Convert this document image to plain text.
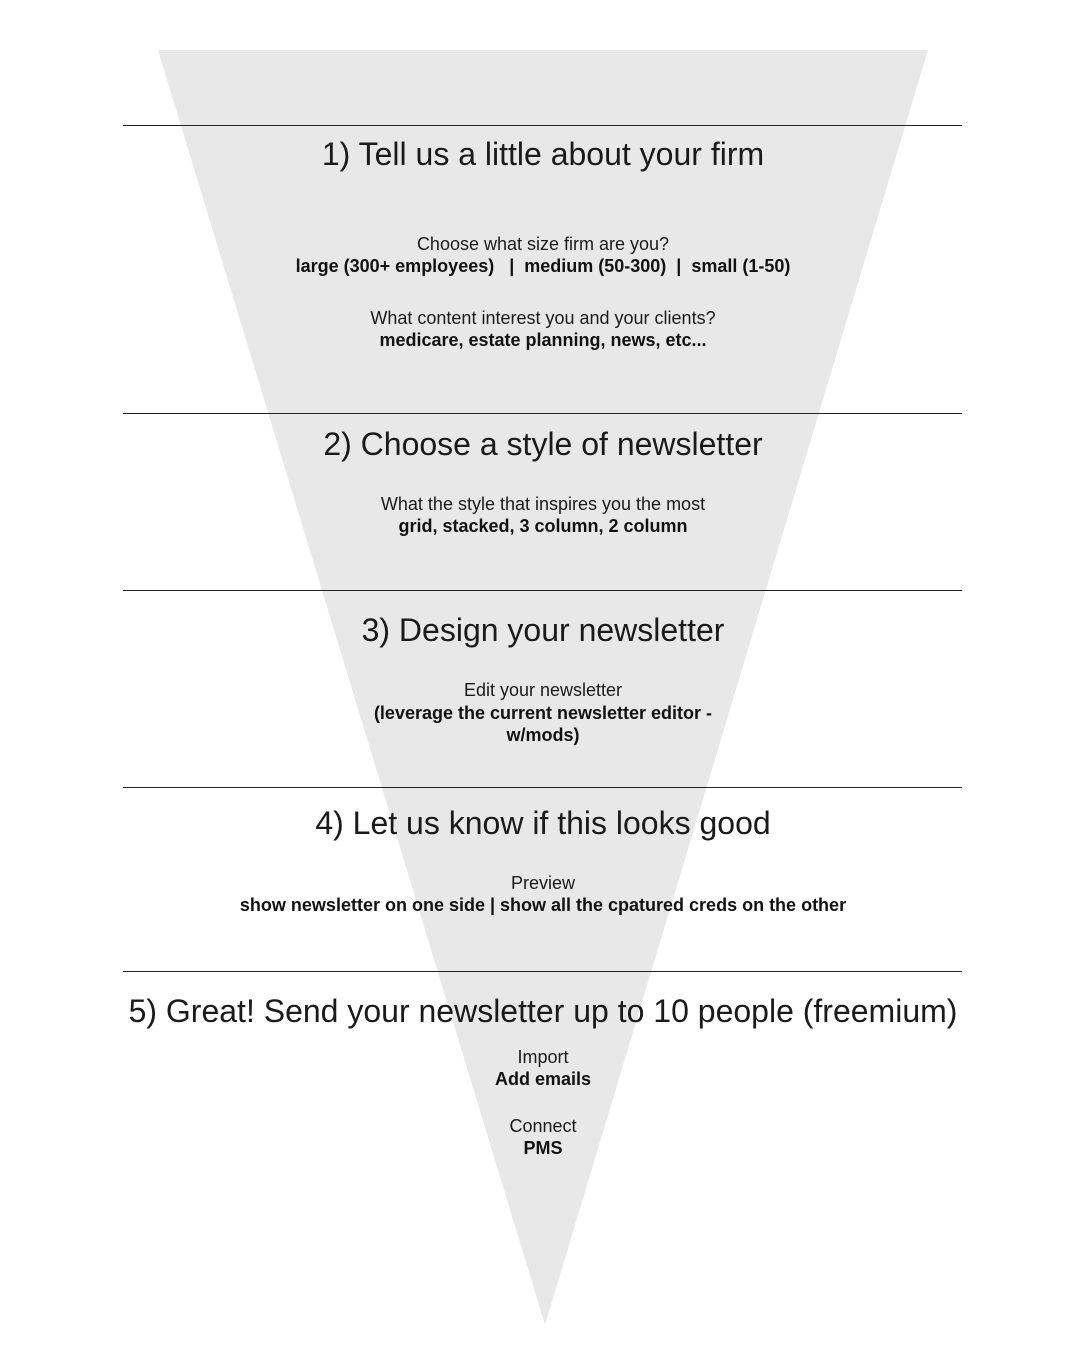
1) Tell us a little about your firm
Choose what size firm are you?
large (300+ employees)   |  medium (50-300)  |  small (1-50)
What content interest you and your clients?
medicare, estate planning, news, etc...
2) Choose a style of newsletter
What the style that inspires you the most
grid, stacked, 3 column, 2 column
3) Design your newsletter
Edit your newsletter
(leverage the current newsletter editor - w/mods)
4) Let us know if this looks good
Preview
show newsletter on one side | show all the cpatured creds on the other
5) Great! Send your newsletter up to 10 people (freemium)
Import
Add emails
Connect
PMS
